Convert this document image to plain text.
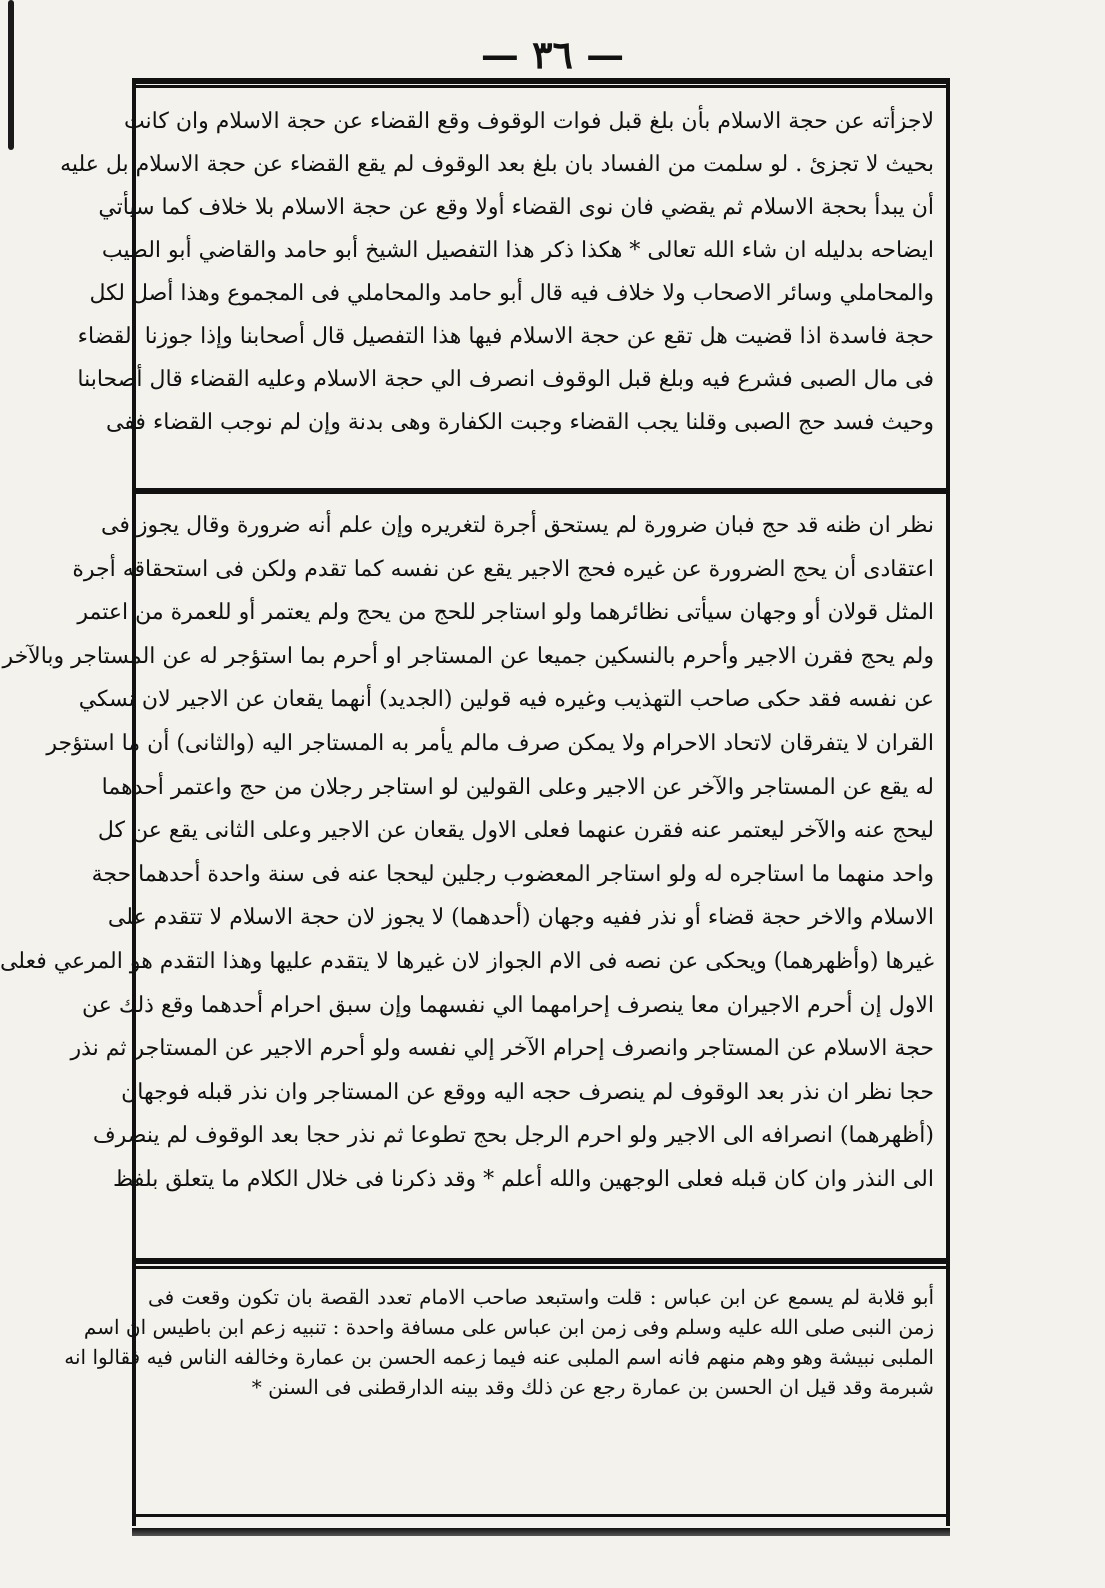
— ٣٦ —
لاجزأته عن حجة الاسلام بأن بلغ قبل فوات الوقوف وقع القضاء عن حجة الاسلام وان كانت
بحيث لا تجزئ . لو سلمت من الفساد بان بلغ بعد الوقوف لم يقع القضاء عن حجة الاسلام بل عليه
أن يبدأ بحجة الاسلام ثم يقضي فان نوى القضاء أولا وقع عن حجة الاسلام بلا خلاف كما سيأتي
ايضاحه بدليله ان شاء الله تعالى * هكذا ذكر هذا التفصيل الشيخ أبو حامد والقاضي أبو الطيب
والمحاملي وسائر الاصحاب ولا خلاف فيه قال أبو حامد والمحاملي فى المجموع وهذا أصل لكل
حجة فاسدة اذا قضيت هل تقع عن حجة الاسلام فيها هذا التفصيل قال أصحابنا وإذا جوزنا القضاء
فى مال الصبى فشرع فيه وبلغ قبل الوقوف انصرف الي حجة الاسلام وعليه القضاء قال أصحابنا
وحيث فسد حج الصبى وقلنا يجب القضاء وجبت الكفارة وهى بدنة وإن لم نوجب القضاء ففى
نظر ان ظنه قد حج فبان ضرورة لم يستحق أجرة لتغريره وإن علم أنه ضرورة وقال يجوز فى
اعتقادى أن يحج الضرورة عن غيره فحج الاجير يقع عن نفسه كما تقدم ولكن فى استحقاقه أجرة
المثل قولان أو وجهان سيأتى نظائرهما ولو استاجر للحج من يحج ولم يعتمر أو للعمرة من اعتمر
ولم يحج فقرن الاجير وأحرم بالنسكين جميعا عن المستاجر او أحرم بما استؤجر له عن المستاجر وبالآخر
عن نفسه فقد حكى صاحب التهذيب وغيره فيه قولين (الجديد) أنهما يقعان عن الاجير لان نسكي
القران لا يتفرقان لاتحاد الاحرام ولا يمكن صرف مالم يأمر به المستاجر اليه (والثانى) أن ما استؤجر
له يقع عن المستاجر والآخر عن الاجير وعلى القولين لو استاجر رجلان من حج واعتمر أحدهما
ليحج عنه والآخر ليعتمر عنه فقرن عنهما فعلى الاول يقعان عن الاجير وعلى الثانى يقع عن كل
واحد منهما ما استاجره له ولو استاجر المعضوب رجلين ليحجا عنه فى سنة واحدة أحدهما حجة
الاسلام والاخر حجة قضاء أو نذر ففيه وجهان (أحدهما) لا يجوز لان حجة الاسلام لا تتقدم على
غيرها (وأظهرهما) ويحكى عن نصه فى الام الجواز لان غيرها لا يتقدم عليها وهذا التقدم هو المرعي فعلى
الاول إن أحرم الاجيران معا ينصرف إحرامهما الي نفسهما وإن سبق احرام أحدهما وقع ذلك عن
حجة الاسلام عن المستاجر وانصرف إحرام الآخر إلي نفسه ولو أحرم الاجير عن المستاجر ثم نذر
حجا نظر ان نذر بعد الوقوف لم ينصرف حجه اليه ووقع عن المستاجر وان نذر قبله فوجهان
(أظهرهما) انصرافه الى الاجير ولو احرم الرجل بحج تطوعا ثم نذر حجا بعد الوقوف لم ينصرف
الى النذر وان كان قبله فعلى الوجهين والله أعلم * وقد ذكرنا فى خلال الكلام ما يتعلق بلفظ
أبو قلابة لم يسمع عن ابن عباس : قلت واستبعد صاحب الامام تعدد القصة بان تكون وقعت فى
زمن النبى صلى الله عليه وسلم وفى زمن ابن عباس على مسافة واحدة : تنبيه زعم ابن باطيس ان اسم
الملبى نبيشة وهو وهم منهم فانه اسم الملبى عنه فيما زعمه الحسن بن عمارة وخالفه الناس فيه فقالوا انه
شبرمة وقد قيل ان الحسن بن عمارة رجع عن ذلك وقد بينه الدارقطنى فى السنن *
